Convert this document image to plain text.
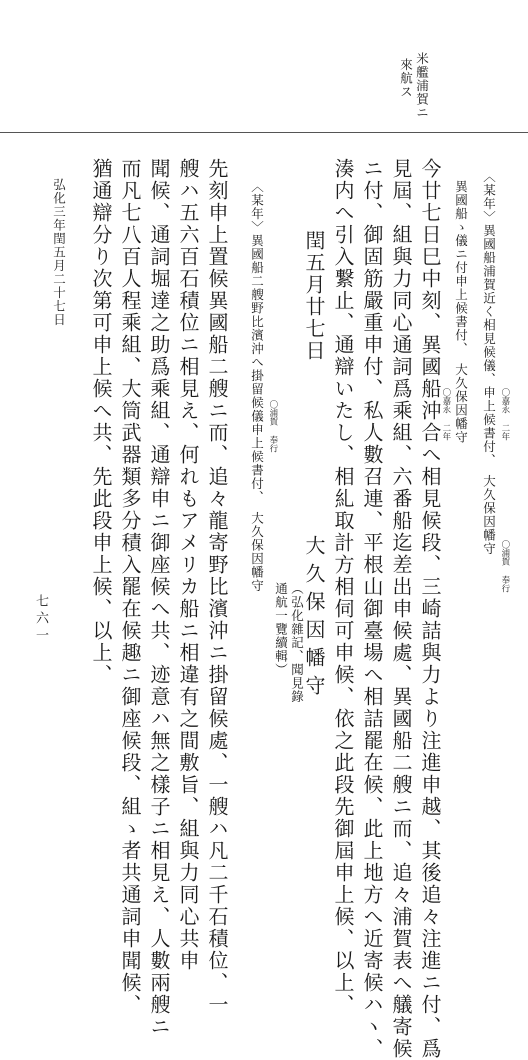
米艦浦賀ニ
來航ス
〈某年〉異國船浦賀近く相見候儀、申上候書付、　大久保因幡守 〇嘉永 二年
〇浦賀 奉行
異國船ゝ儀ニ付申上候書付、　大久保因幡守
〇嘉永 二年
今廿七日巳中刻、異國船沖合へ相見候段、三崎詰與力より注進申越、其後追々注進ニ付、爲
見屆、組與力同心通詞爲乘組、六番船迄差出申候處、異國船二艘ニ而、追々浦賀表へ艤寄候
ニ付、御固筋嚴重申付、私人數召連、平根山御臺場へ相詰罷在候、此上地方へ近寄候ハヽ、
湊内へ引入繋止、通辯いたし、相糺取計方相伺可申候、依之此段先御屆申上候、以上、
閏五月廿七日
大久保因幡守
（弘化雜記、聞見錄
通航一覽續輯）
〈某年〉異國船二艘野比濱沖へ掛留候儀申上候書付、　大久保因幡守 〇浦賀 奉行
先刻申上置候異國船二艘ニ而、追々龍寄野比濱沖ニ掛留候處、一艘ハ凡二千石積位、一
艘ハ五六百石積位ニ相見え、何れもアメリカ船ニ相違有之間敷旨、組與力同心共申
聞候、通詞堀達之助爲乘組、通辯申ニ御座候へ共、迹意ハ無之樣子ニ相見え、人數兩艘ニ
而凡七八百人程乘組、大筒武器類多分積入罷在候趣ニ御座候段、組ゝ者共通詞申聞候、
猶通辯分り次第可申上候へ共、先此段申上候、以上、
弘化三年閏五月二十七日
七六一
